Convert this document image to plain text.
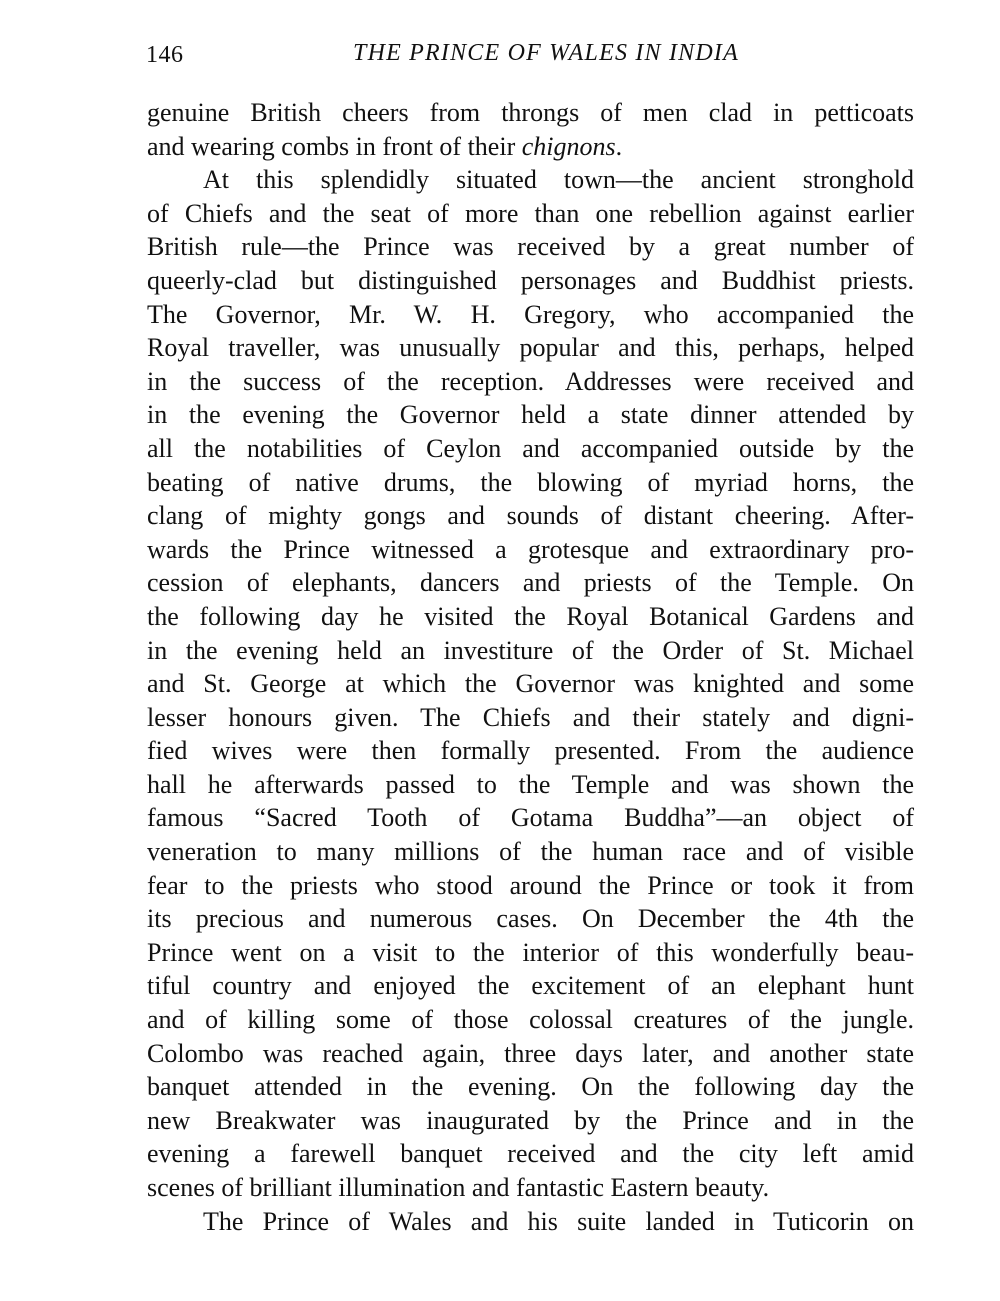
146	THE PRINCE OF WALES IN INDIA
genuine British cheers from throngs of men clad in petticoats
and wearing combs in front of their chignons.
At this splendidly situated town—the ancient stronghold
of Chiefs and the seat of more than one rebellion against earlier
British rule—the Prince was received by a great number of
queerly-clad but distinguished personages and Buddhist priests.
The Governor, Mr. W. H. Gregory, who accompanied the
Royal traveller, was unusually popular and this, perhaps, helped
in the success of the reception. Addresses were received and
in the evening the Governor held a state dinner attended by
all the notabilities of Ceylon and accompanied outside by the
beating of native drums, the blowing of myriad horns, the
clang of mighty gongs and sounds of distant cheering. After-
wards the Prince witnessed a grotesque and extraordinary pro-
cession of elephants, dancers and priests of the Temple. On
the following day he visited the Royal Botanical Gardens and
in the evening held an investiture of the Order of St. Michael
and St. George at which the Governor was knighted and some
lesser honours given. The Chiefs and their stately and digni-
fied wives were then formally presented. From the audience
hall he afterwards passed to the Temple and was shown the
famous “Sacred Tooth of Gotama Buddha”—an object of
veneration to many millions of the human race and of visible
fear to the priests who stood around the Prince or took it from
its precious and numerous cases. On December the 4th the
Prince went on a visit to the interior of this wonderfully beau-
tiful country and enjoyed the excitement of an elephant hunt
and of killing some of those colossal creatures of the jungle.
Colombo was reached again, three days later, and another state
banquet attended in the evening. On the following day the
new Breakwater was inaugurated by the Prince and in the
evening a farewell banquet received and the city left amid
scenes of brilliant illumination and fantastic Eastern beauty.
The Prince of Wales and his suite landed in Tuticorin on
